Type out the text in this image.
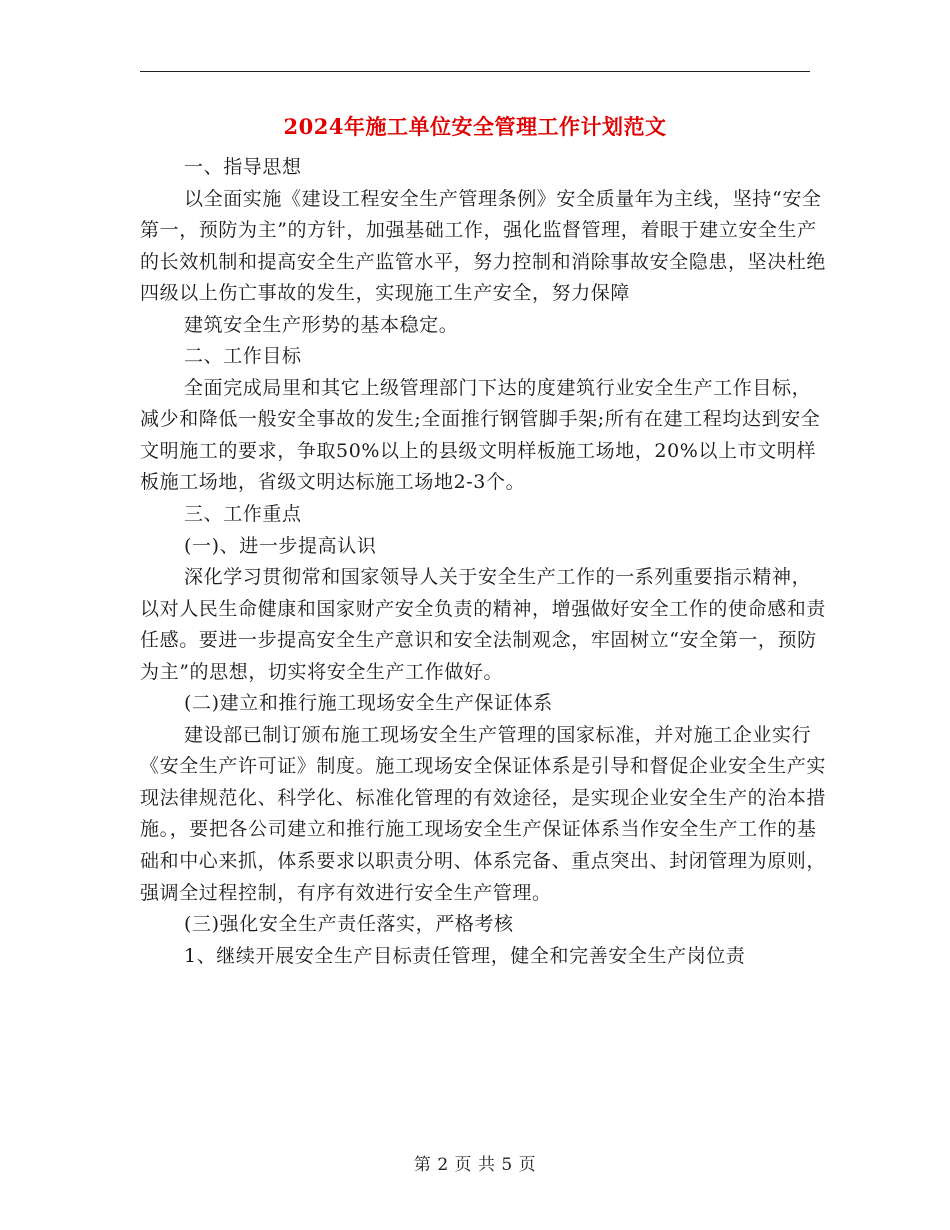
2024年施工单位安全管理工作计划范文

一、指导思想

以全面实施《建设工程安全生产管理条例》安全质量年为主线，坚持“安全第一，预防为主”的方针，加强基础工作，强化监督管理，着眼于建立安全生产的长效机制和提高安全生产监管水平，努力控制和消除事故安全隐患，坚决杜绝四级以上伤亡事故的发生，实现施工生产安全，努力保障

建筑安全生产形势的基本稳定。

二、工作目标

全面完成局里和其它上级管理部门下达的度建筑行业安全生产工作目标，减少和降低一般安全事故的发生;全面推行钢管脚手架;所有在建工程均达到安全文明施工的要求，争取50%以上的县级文明样板施工场地，20%以上市文明样板施工场地，省级文明达标施工场地2-3个。

三、工作重点

(一)、进一步提高认识

深化学习贯彻常和国家领导人关于安全生产工作的一系列重要指示精神，以对人民生命健康和国家财产安全负责的精神，增强做好安全工作的使命感和责任感。要进一步提高安全生产意识和安全法制观念，牢固树立“安全第一，预防为主”的思想，切实将安全生产工作做好。

(二)建立和推行施工现场安全生产保证体系

建设部已制订颁布施工现场安全生产管理的国家标准，并对施工企业实行《安全生产许可证》制度。施工现场安全保证体系是引导和督促企业安全生产实现法律规范化、科学化、标准化管理的有效途径，是实现企业安全生产的治本措施。，要把各公司建立和推行施工现场安全生产保证体系当作安全生产工作的基础和中心来抓，体系要求以职责分明、体系完备、重点突出、封闭管理为原则，强调全过程控制，有序有效进行安全生产管理。

(三)强化安全生产责任落实，严格考核

1、继续开展安全生产目标责任管理，健全和完善安全生产岗位责

第 2 页 共 5 页
